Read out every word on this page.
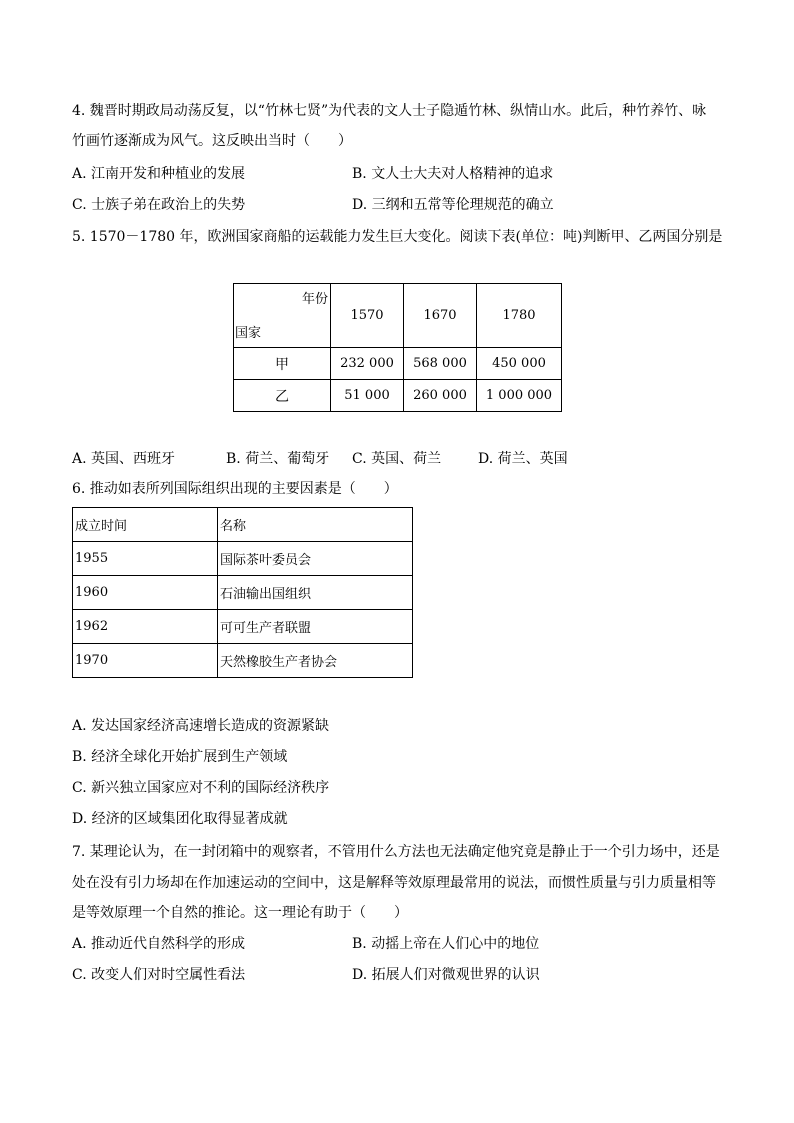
4. 魏晋时期政局动荡反复，以“竹林七贤”为代表的文人士子隐遁竹林、纵情山水。此后，种竹养竹、咏
竹画竹逐渐成为风气。这反映出当时（　　）
A. 江南开发和种植业的发展	B. 文人士大夫对人格精神的追求
C. 士族子弟在政治上的失势	D. 三纲和五常等伦理规范的确立
5. 1570－1780 年，欧洲国家商船的运载能力发生巨大变化。阅读下表(单位：吨)判断甲、乙两国分别是
年份
国家	1570	1670	1780
甲	232 000	568 000	450 000
乙	51 000	260 000	1 000 000
A. 英国、西班牙	B. 荷兰、葡萄牙 C. 英国、荷兰	D. 荷兰、英国
6. 推动如表所列国际组织出现的主要因素是（　　）
成立时间	名称
1955	国际茶叶委员会
1960	石油输出国组织
1962	可可生产者联盟
1970	天然橡胶生产者协会
A. 发达国家经济高速增长造成的资源紧缺
B. 经济全球化开始扩展到生产领域
C. 新兴独立国家应对不利的国际经济秩序
D. 经济的区域集团化取得显著成就
7. 某理论认为，在一封闭箱中的观察者，不管用什么方法也无法确定他究竟是静止于一个引力场中，还是
处在没有引力场却在作加速运动的空间中，这是解释等效原理最常用的说法，而惯性质量与引力质量相等
是等效原理一个自然的推论。这一理论有助于（　　）
A. 推动近代自然科学的形成	B. 动摇上帝在人们心中的地位
C. 改变人们对时空属性看法	D. 拓展人们对微观世界的认识
